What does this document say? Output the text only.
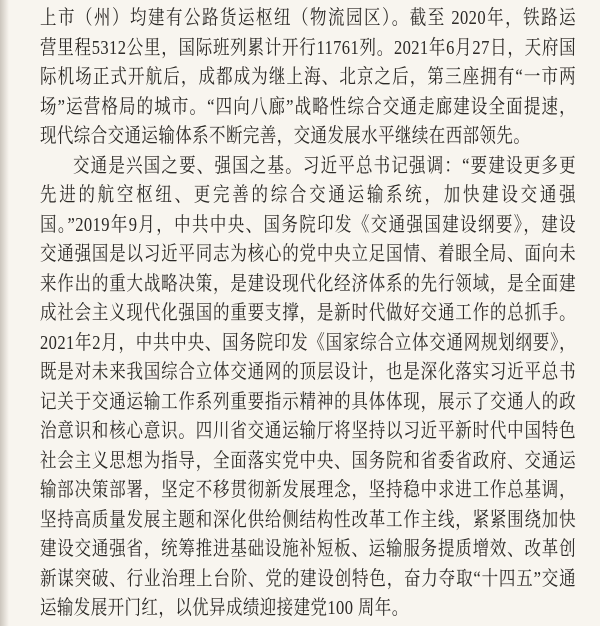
上市（州）均建有公路货运枢纽（物流园区）。截至 2020年，铁路运
营里程5312公里，国际班列累计开行11761列。2021年6月27日，天府国
际机场正式开航后，成都成为继上海、北京之后，第三座拥有“一市两
场”运营格局的城市。“四向八廊”战略性综合交通走廊建设全面提速，
现代综合交通运输体系不断完善，交通发展水平继续在西部领先。
交通是兴国之要、强国之基。习近平总书记强调：“要建设更多更
先进的航空枢纽、更完善的综合交通运输系统，加快建设交通强
国。”2019年9月，中共中央、国务院印发《交通强国建设纲要》，建设
交通强国是以习近平同志为核心的党中央立足国情、着眼全局、面向未
来作出的重大战略决策，是建设现代化经济体系的先行领域，是全面建
成社会主义现代化强国的重要支撑，是新时代做好交通工作的总抓手。
2021年2月，中共中央、国务院印发《国家综合立体交通网规划纲要》，
既是对未来我国综合立体交通网的顶层设计，也是深化落实习近平总书
记关于交通运输工作系列重要指示精神的具体体现，展示了交通人的政
治意识和核心意识。四川省交通运输厅将坚持以习近平新时代中国特色
社会主义思想为指导，全面落实党中央、国务院和省委省政府、交通运
输部决策部署，坚定不移贯彻新发展理念，坚持稳中求进工作总基调，
坚持高质量发展主题和深化供给侧结构性改革工作主线，紧紧围绕加快
建设交通强省，统筹推进基础设施补短板、运输服务提质增效、改革创
新谋突破、行业治理上台阶、党的建设创特色，奋力夺取“十四五”交通
运输发展开门红，以优异成绩迎接建党100 周年。
